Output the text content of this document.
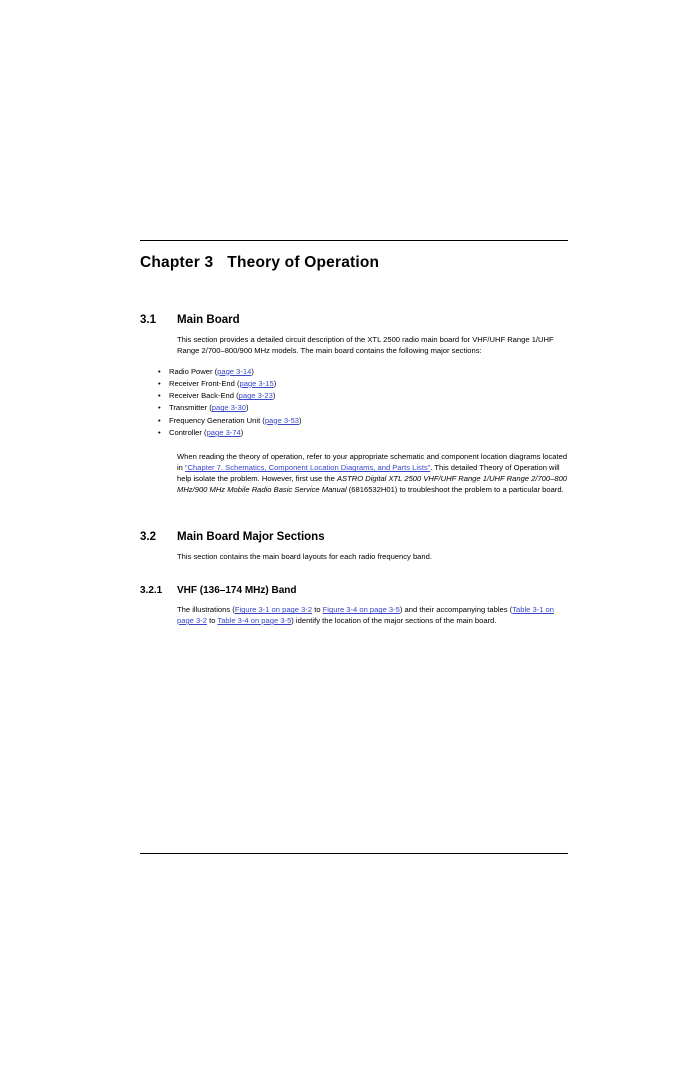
Chapter 3 Theory of Operation
3.1	Main Board
This section provides a detailed circuit description of the XTL 2500 radio main board for VHF/UHF Range 1/UHF Range 2/700–800/900 MHz models. The main board contains the following major sections:
• Radio Power (page 3-14)
• Receiver Front-End (page 3-15)
• Receiver Back-End (page 3-23)
• Transmitter (page 3-30)
• Frequency Generation Unit (page 3-53)
• Controller (page 3-74)
When reading the theory of operation, refer to your appropriate schematic and component location diagrams located in “Chapter 7. Schematics, Component Location Diagrams, and Parts Lists”. This detailed Theory of Operation will help isolate the problem. However, first use the ASTRO Digital XTL 2500 VHF/UHF Range 1/UHF Range 2/700–800 MHz/900 MHz Mobile Radio Basic Service Manual (6816532H01) to troubleshoot the problem to a particular board.
3.2	Main Board Major Sections
This section contains the main board layouts for each radio frequency band.
3.2.1	VHF (136–174 MHz) Band
The illustrations (Figure 3-1 on page 3-2 to Figure 3-4 on page 3-5) and their accompanying tables (Table 3-1 on page 3-2 to Table 3-4 on page 3-5) identify the location of the major sections of the main board.
